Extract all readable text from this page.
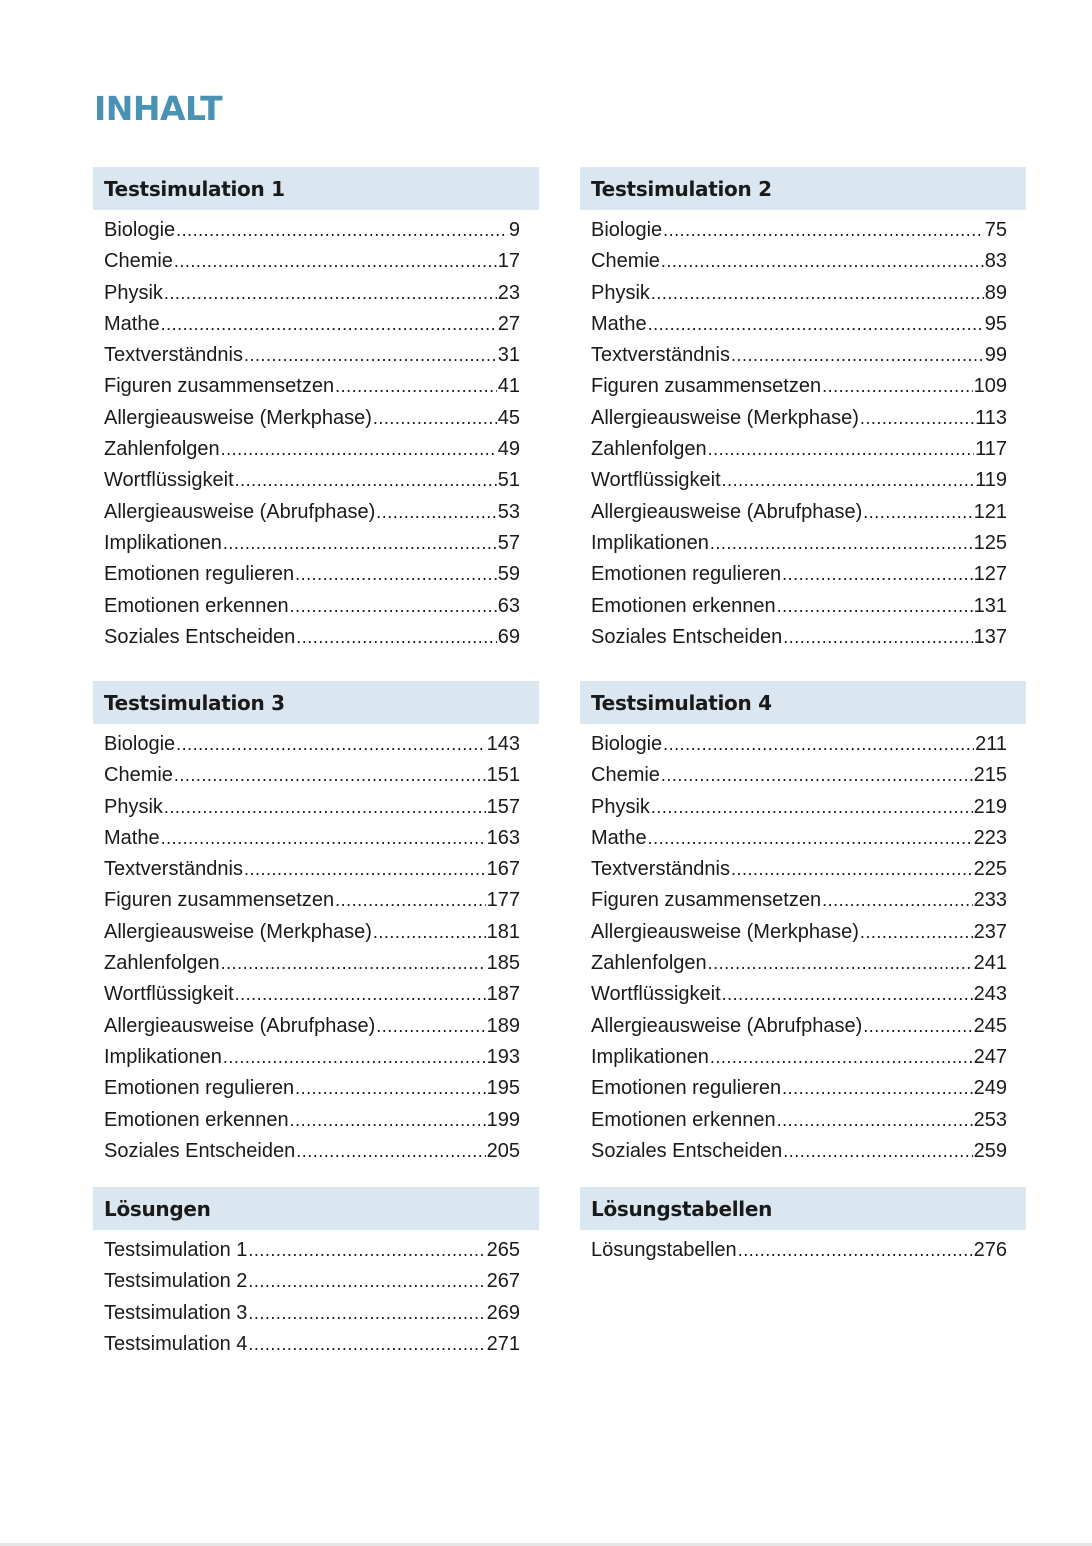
INHALT
Testsimulation 1
Biologie .....	9
Chemie .....	17
Physik .....	23
Mathe .....	27
Textverständnis .....	31
Figuren zusammensetzen .....	41
Allergieausweise (Merkphase) .....	45
Zahlenfolgen .....	49
Wortflüssigkeit .....	51
Allergieausweise (Abrufphase) .....	53
Implikationen .....	57
Emotionen regulieren .....	59
Emotionen erkennen .....	63
Soziales Entscheiden .....	69
Testsimulation 2
Biologie .....	75
Chemie .....	83
Physik .....	89
Mathe .....	95
Textverständnis .....	99
Figuren zusammensetzen .....	109
Allergieausweise (Merkphase) .....	113
Zahlenfolgen .....	117
Wortflüssigkeit .....	119
Allergieausweise (Abrufphase) .....	121
Implikationen .....	125
Emotionen regulieren .....	127
Emotionen erkennen .....	131
Soziales Entscheiden .....	137
Testsimulation 3
Biologie .....	143
Chemie .....	151
Physik .....	157
Mathe .....	163
Textverständnis .....	167
Figuren zusammensetzen .....	177
Allergieausweise (Merkphase) .....	181
Zahlenfolgen .....	185
Wortflüssigkeit .....	187
Allergieausweise (Abrufphase) .....	189
Implikationen .....	193
Emotionen regulieren .....	195
Emotionen erkennen .....	199
Soziales Entscheiden .....	205
Testsimulation 4
Biologie .....	211
Chemie .....	215
Physik .....	219
Mathe .....	223
Textverständnis .....	225
Figuren zusammensetzen .....	233
Allergieausweise (Merkphase) .....	237
Zahlenfolgen .....	241
Wortflüssigkeit .....	243
Allergieausweise (Abrufphase) .....	245
Implikationen .....	247
Emotionen regulieren .....	249
Emotionen erkennen .....	253
Soziales Entscheiden .....	259
Lösungen
Testsimulation 1 .....	265
Testsimulation 2 .....	267
Testsimulation 3 .....	269
Testsimulation 4 .....	271
Lösungstabellen
Lösungstabellen .....	276
